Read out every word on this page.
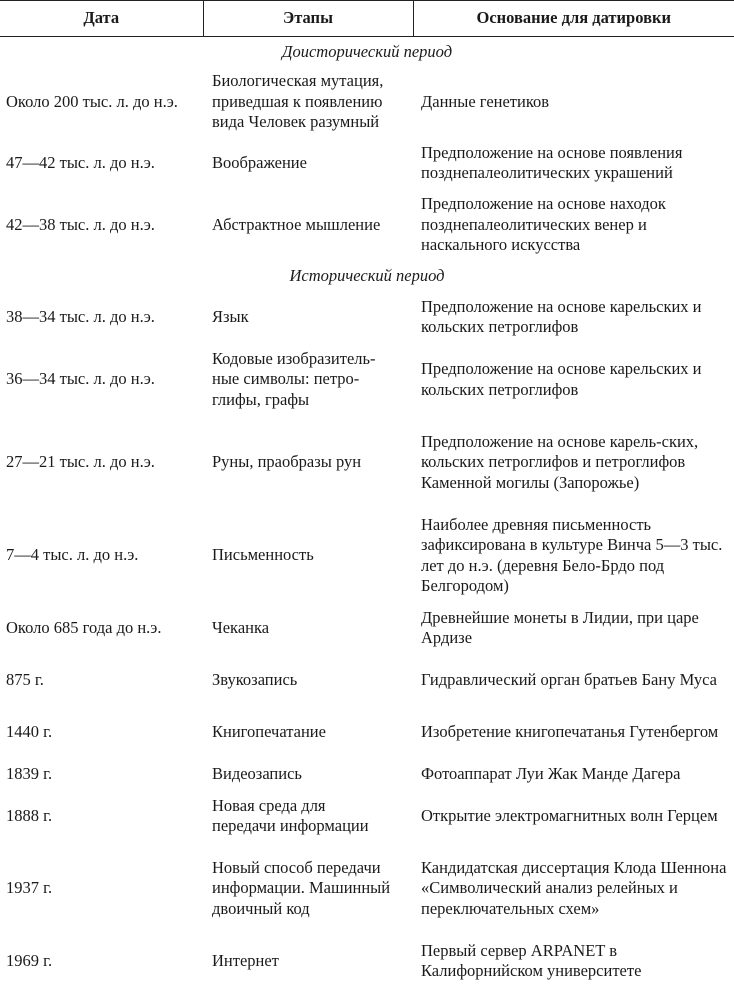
Дата	Этапы	Основание для датировки
Доисторический период		
Около 200 тыс. л. до н.э.	Биологическая мутация, приведшая к появлению вида Человек разумный	Данные генетиков
47—42 тыс. л. до н.э.	Воображение	Предположение на основе появления позднепалеолитических украшений
42—38 тыс. л. до н.э.	Абстрактное мышление	Предположение на основе находок позднепалеолитических венер и наскального искусства
Исторический период		
38—34 тыс. л. до н.э.	Язык	Предположение на основе карельских и кольских петроглифов
36—34 тыс. л. до н.э.	Кодовые изобразитель-ные символы: петро-глифы, графы	Предположение на основе карельских и кольских петроглифов
27—21 тыс. л. до н.э.	Руны, праобразы рун	Предположение на основе карель-ских, кольских петроглифов и петроглифов Каменной могилы (Запорожье)
7—4 тыс. л. до н.э.	Письменность	Наиболее древняя письменность зафиксирована в культуре Винча 5—3 тыс. лет до н.э. (деревня Бело-Брдо под Белгородом)
Около 685 года до н.э.	Чеканка	Древнейшие монеты в Лидии, при царе Ардизе
875 г.	Звукозапись	Гидравлический орган братьев Бану Муса
1440 г.	Книгопечатание	Изобретение книгопечатанья Гутенбергом
1839 г.	Видеозапись	Фотоаппарат Луи Жак Манде Дагера
1888 г.	Новая среда для передачи информации	Открытие электромагнитных волн Герцем
1937 г.	Новый способ передачи информации. Машинный двоичный код	Кандидатская диссертация Клода Шеннона «Символический анализ релейных и переключательных схем»
1969 г.	Интернет	Первый сервер ARPANET в Калифорнийском университете
